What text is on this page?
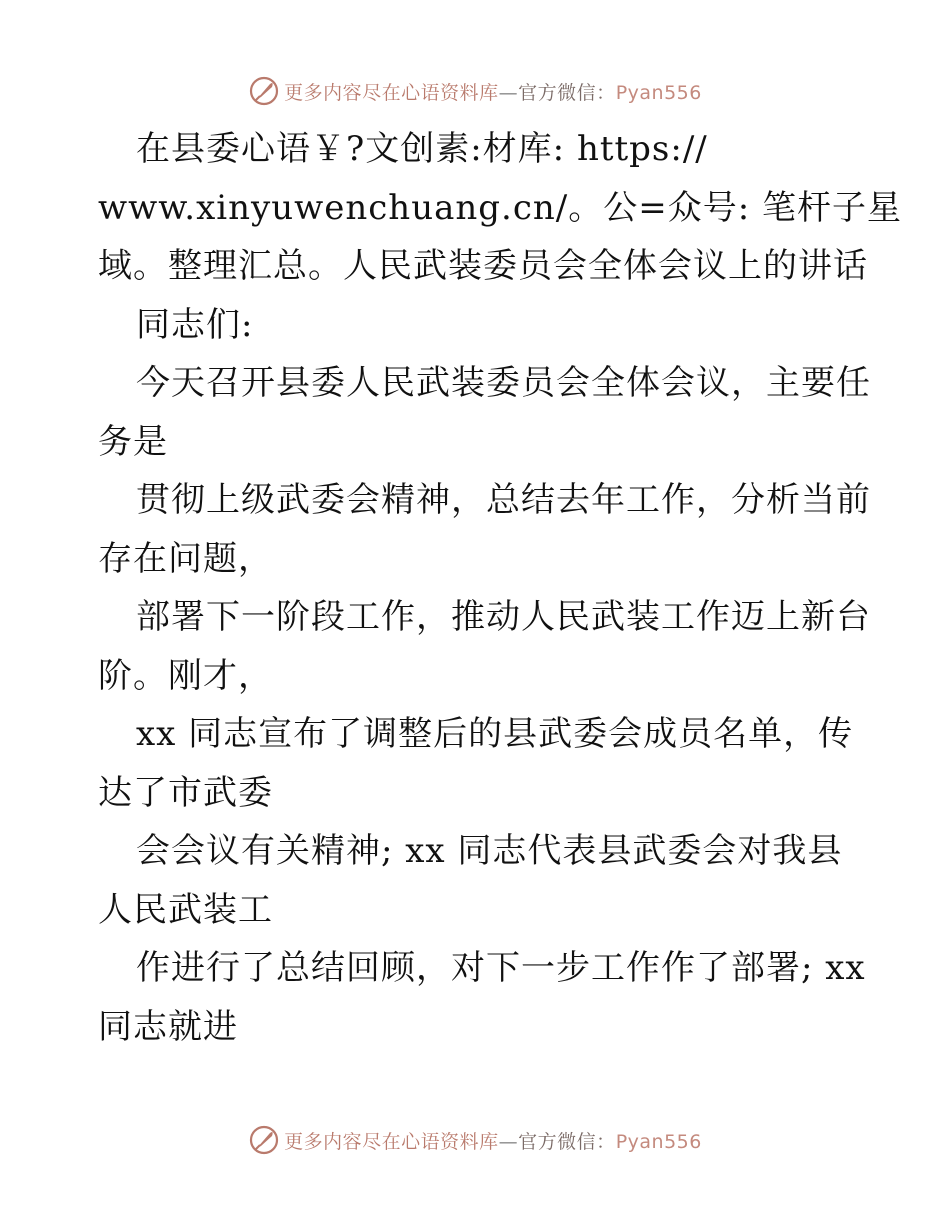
更多内容尽在心语资料库—官方微信：Pyan556
在县委心语￥?文创素:材库: https://
www.xinyuwenchuang.cn/。公=众号: 笔杆子星
域。整理汇总。人民武装委员会全体会议上的讲话
同志们:
今天召开县委人民武装委员会全体会议，主要任
务是
贯彻上级武委会精神，总结去年工作，分析当前
存在问题，
部署下一阶段工作，推动人民武装工作迈上新台
阶。刚才，
xx 同志宣布了调整后的县武委会成员名单，传
达了市武委
会会议有关精神; xx 同志代表县武委会对我县
人民武装工
作进行了总结回顾，对下一步工作作了部署; xx
同志就进
更多内容尽在心语资料库—官方微信：Pyan556
